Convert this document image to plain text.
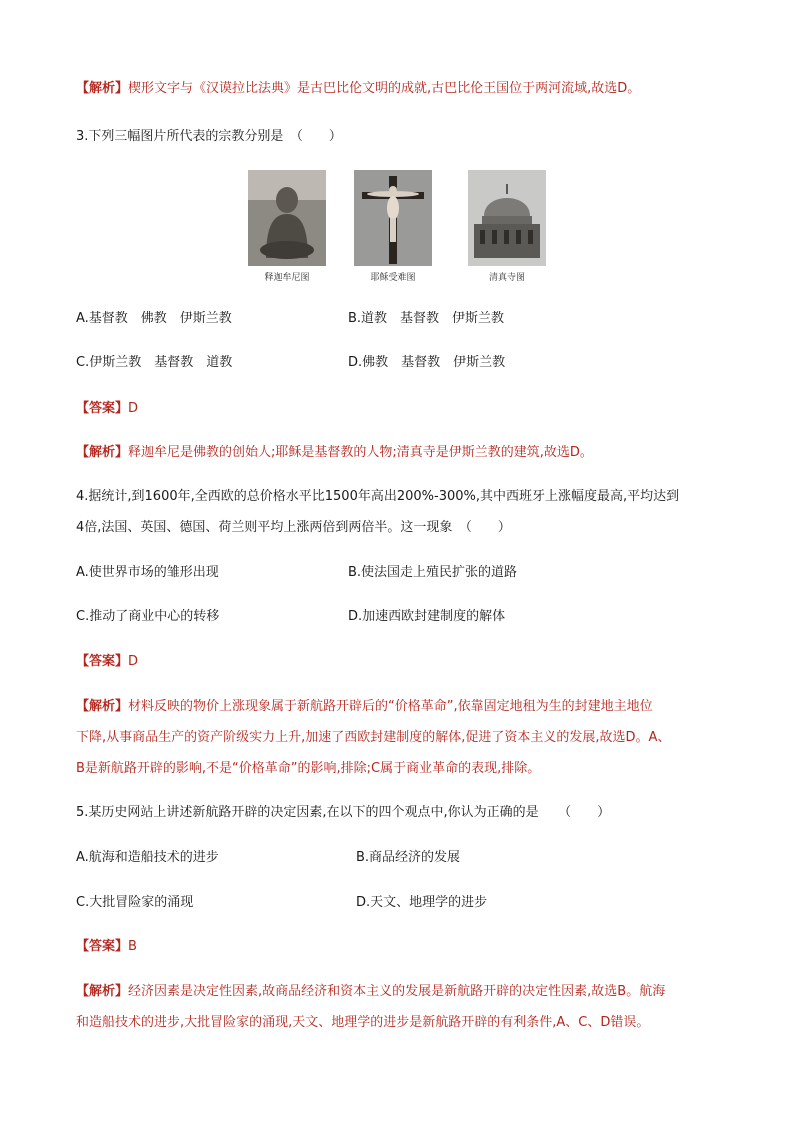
【解析】楔形文字与《汉谟拉比法典》是古巴比伦文明的成就,古巴比伦王国位于两河流域,故选D。
3.下列三幅图片所代表的宗教分别是　（　　）
释迦牟尼图	耶稣受难图	清真寺图
A.基督教　佛教　伊斯兰教	B.道教　基督教　伊斯兰教
C.伊斯兰教　基督教　道教	D.佛教　基督教　伊斯兰教
【答案】D
【解析】释迦牟尼是佛教的创始人;耶稣是基督教的人物;清真寺是伊斯兰教的建筑,故选D。
4.据统计,到1600年,全西欧的总价格水平比1500年高出200%-300%,其中西班牙上涨幅度最高,平均达到
4倍,法国、英国、德国、荷兰则平均上涨两倍到两倍半。这一现象　（　　）
A.使世界市场的雏形出现	B.使法国走上殖民扩张的道路
C.推动了商业中心的转移	D.加速西欧封建制度的解体
【答案】D
【解析】材料反映的物价上涨现象属于新航路开辟后的“价格革命”,依靠固定地租为生的封建地主地位
下降,从事商品生产的资产阶级实力上升,加速了西欧封建制度的解体,促进了资本主义的发展,故选D。A、
B是新航路开辟的影响,不是“价格革命”的影响,排除;C属于商业革命的表现,排除。
5.某历史网站上讲述新航路开辟的决定因素,在以下的四个观点中,你认为正确的是　　（　　）
A.航海和造船技术的进步	B.商品经济的发展
C.大批冒险家的涌现	D.天文、地理学的进步
【答案】B
【解析】经济因素是决定性因素,故商品经济和资本主义的发展是新航路开辟的决定性因素,故选B。航海
和造船技术的进步,大批冒险家的涌现,天文、地理学的进步是新航路开辟的有利条件,A、C、D错误。
